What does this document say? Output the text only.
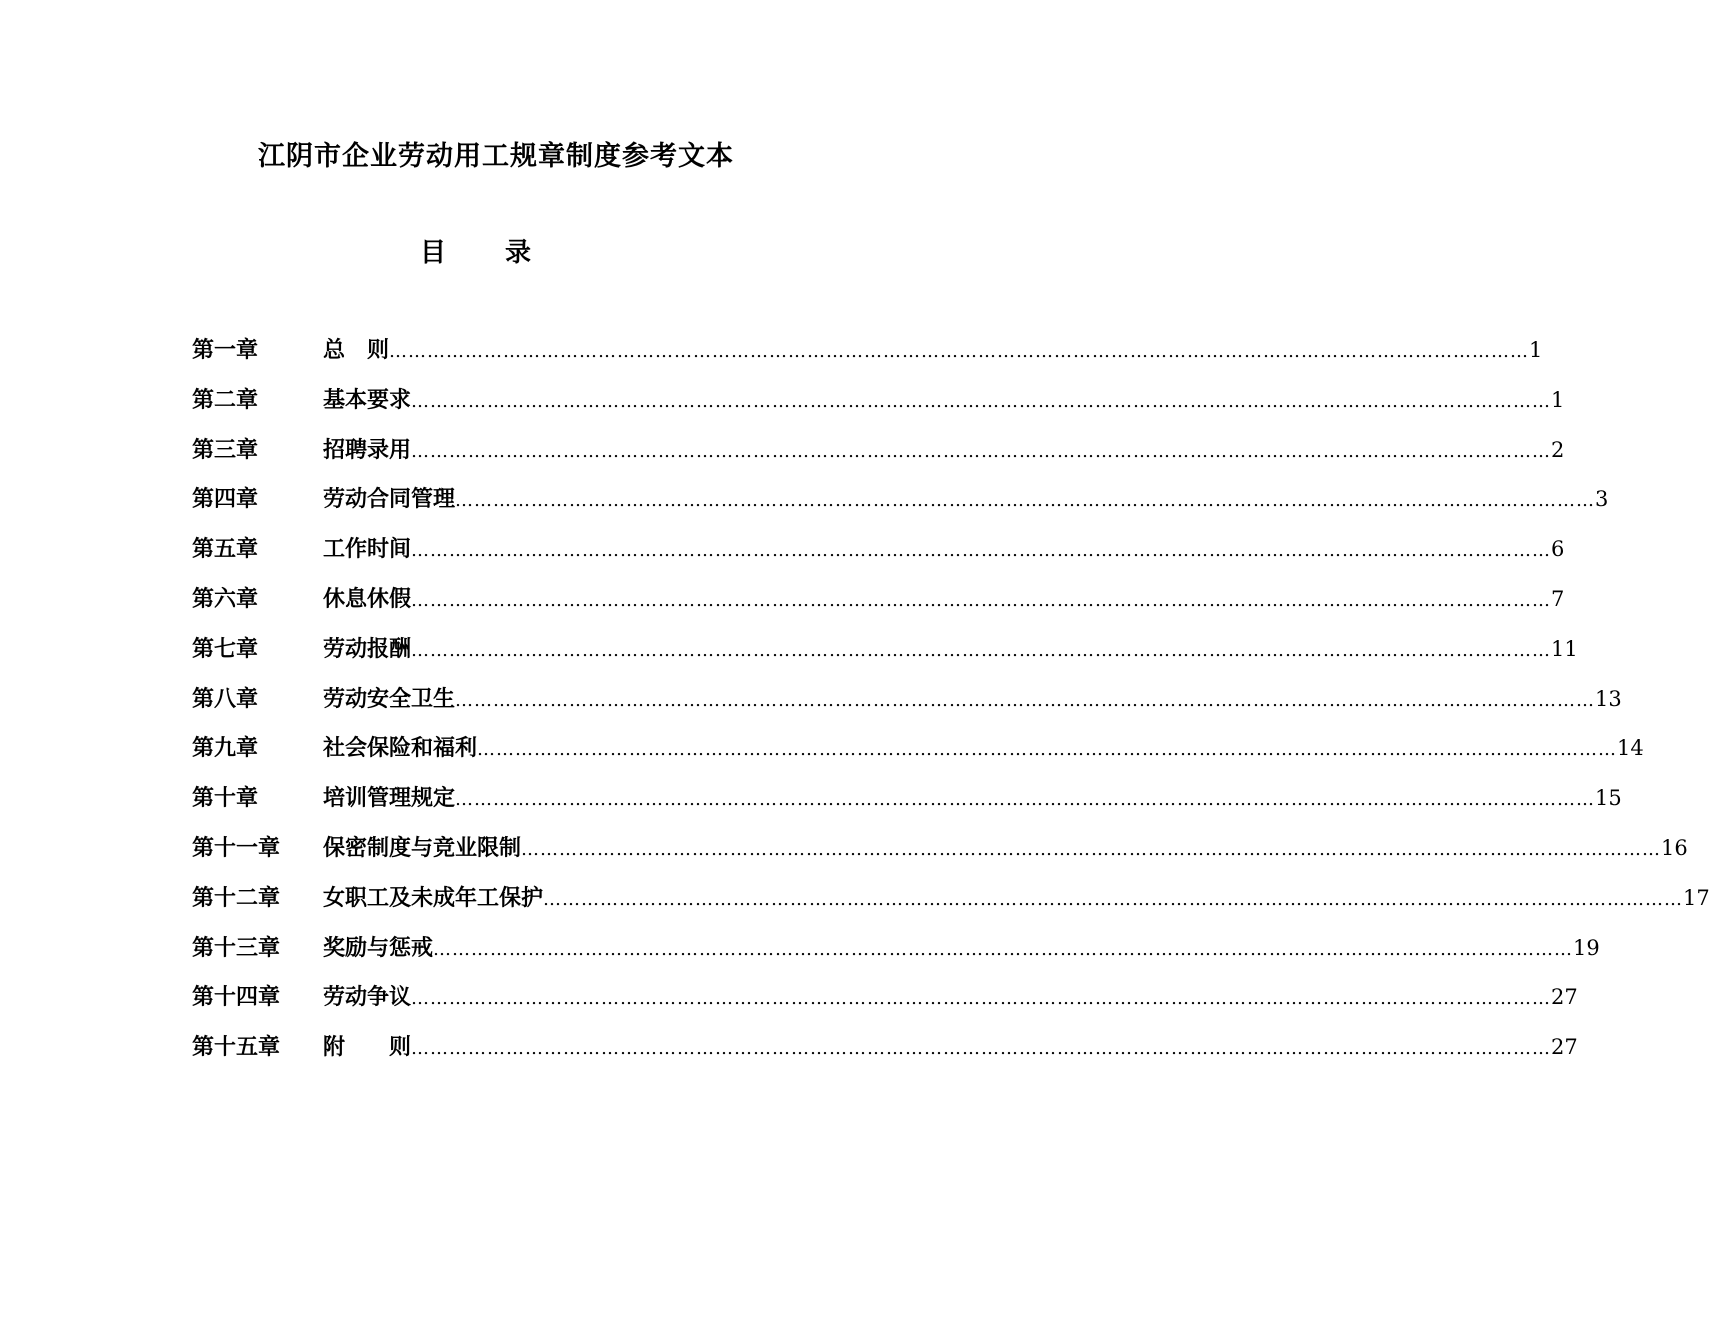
江阴市企业劳动用工规章制度参考文本
目 录
第一章	总　则 ……………………………………………………………………………………………………………………………………………………………… 1
第二章	基本要求 ……………………………………………………………………………………………………………………………………………………………… 1
第三章	招聘录用 ……………………………………………………………………………………………………………………………………………………………… 2
第四章	劳动合同管理 ……………………………………………………………………………………………………………………………………………………………… 3
第五章	工作时间 ……………………………………………………………………………………………………………………………………………………………… 6
第六章	休息休假 ……………………………………………………………………………………………………………………………………………………………… 7
第七章	劳动报酬 ……………………………………………………………………………………………………………………………………………………………… 11
第八章	劳动安全卫生 ……………………………………………………………………………………………………………………………………………………………… 13
第九章	社会保险和福利 ……………………………………………………………………………………………………………………………………………………………… 14
第十章	培训管理规定 ……………………………………………………………………………………………………………………………………………………………… 15
第十一章 保密制度与竞业限制 ……………………………………………………………………………………………………………………………………………………………… 16
第十二章 女职工及未成年工保护 ……………………………………………………………………………………………………………………………………………………………… 17
第十三章 奖励与惩戒 ……………………………………………………………………………………………………………………………………………………………… 19
第十四章 劳动争议 ……………………………………………………………………………………………………………………………………………………………… 27
第十五章 附　　则 ……………………………………………………………………………………………………………………………………………………………… 27
